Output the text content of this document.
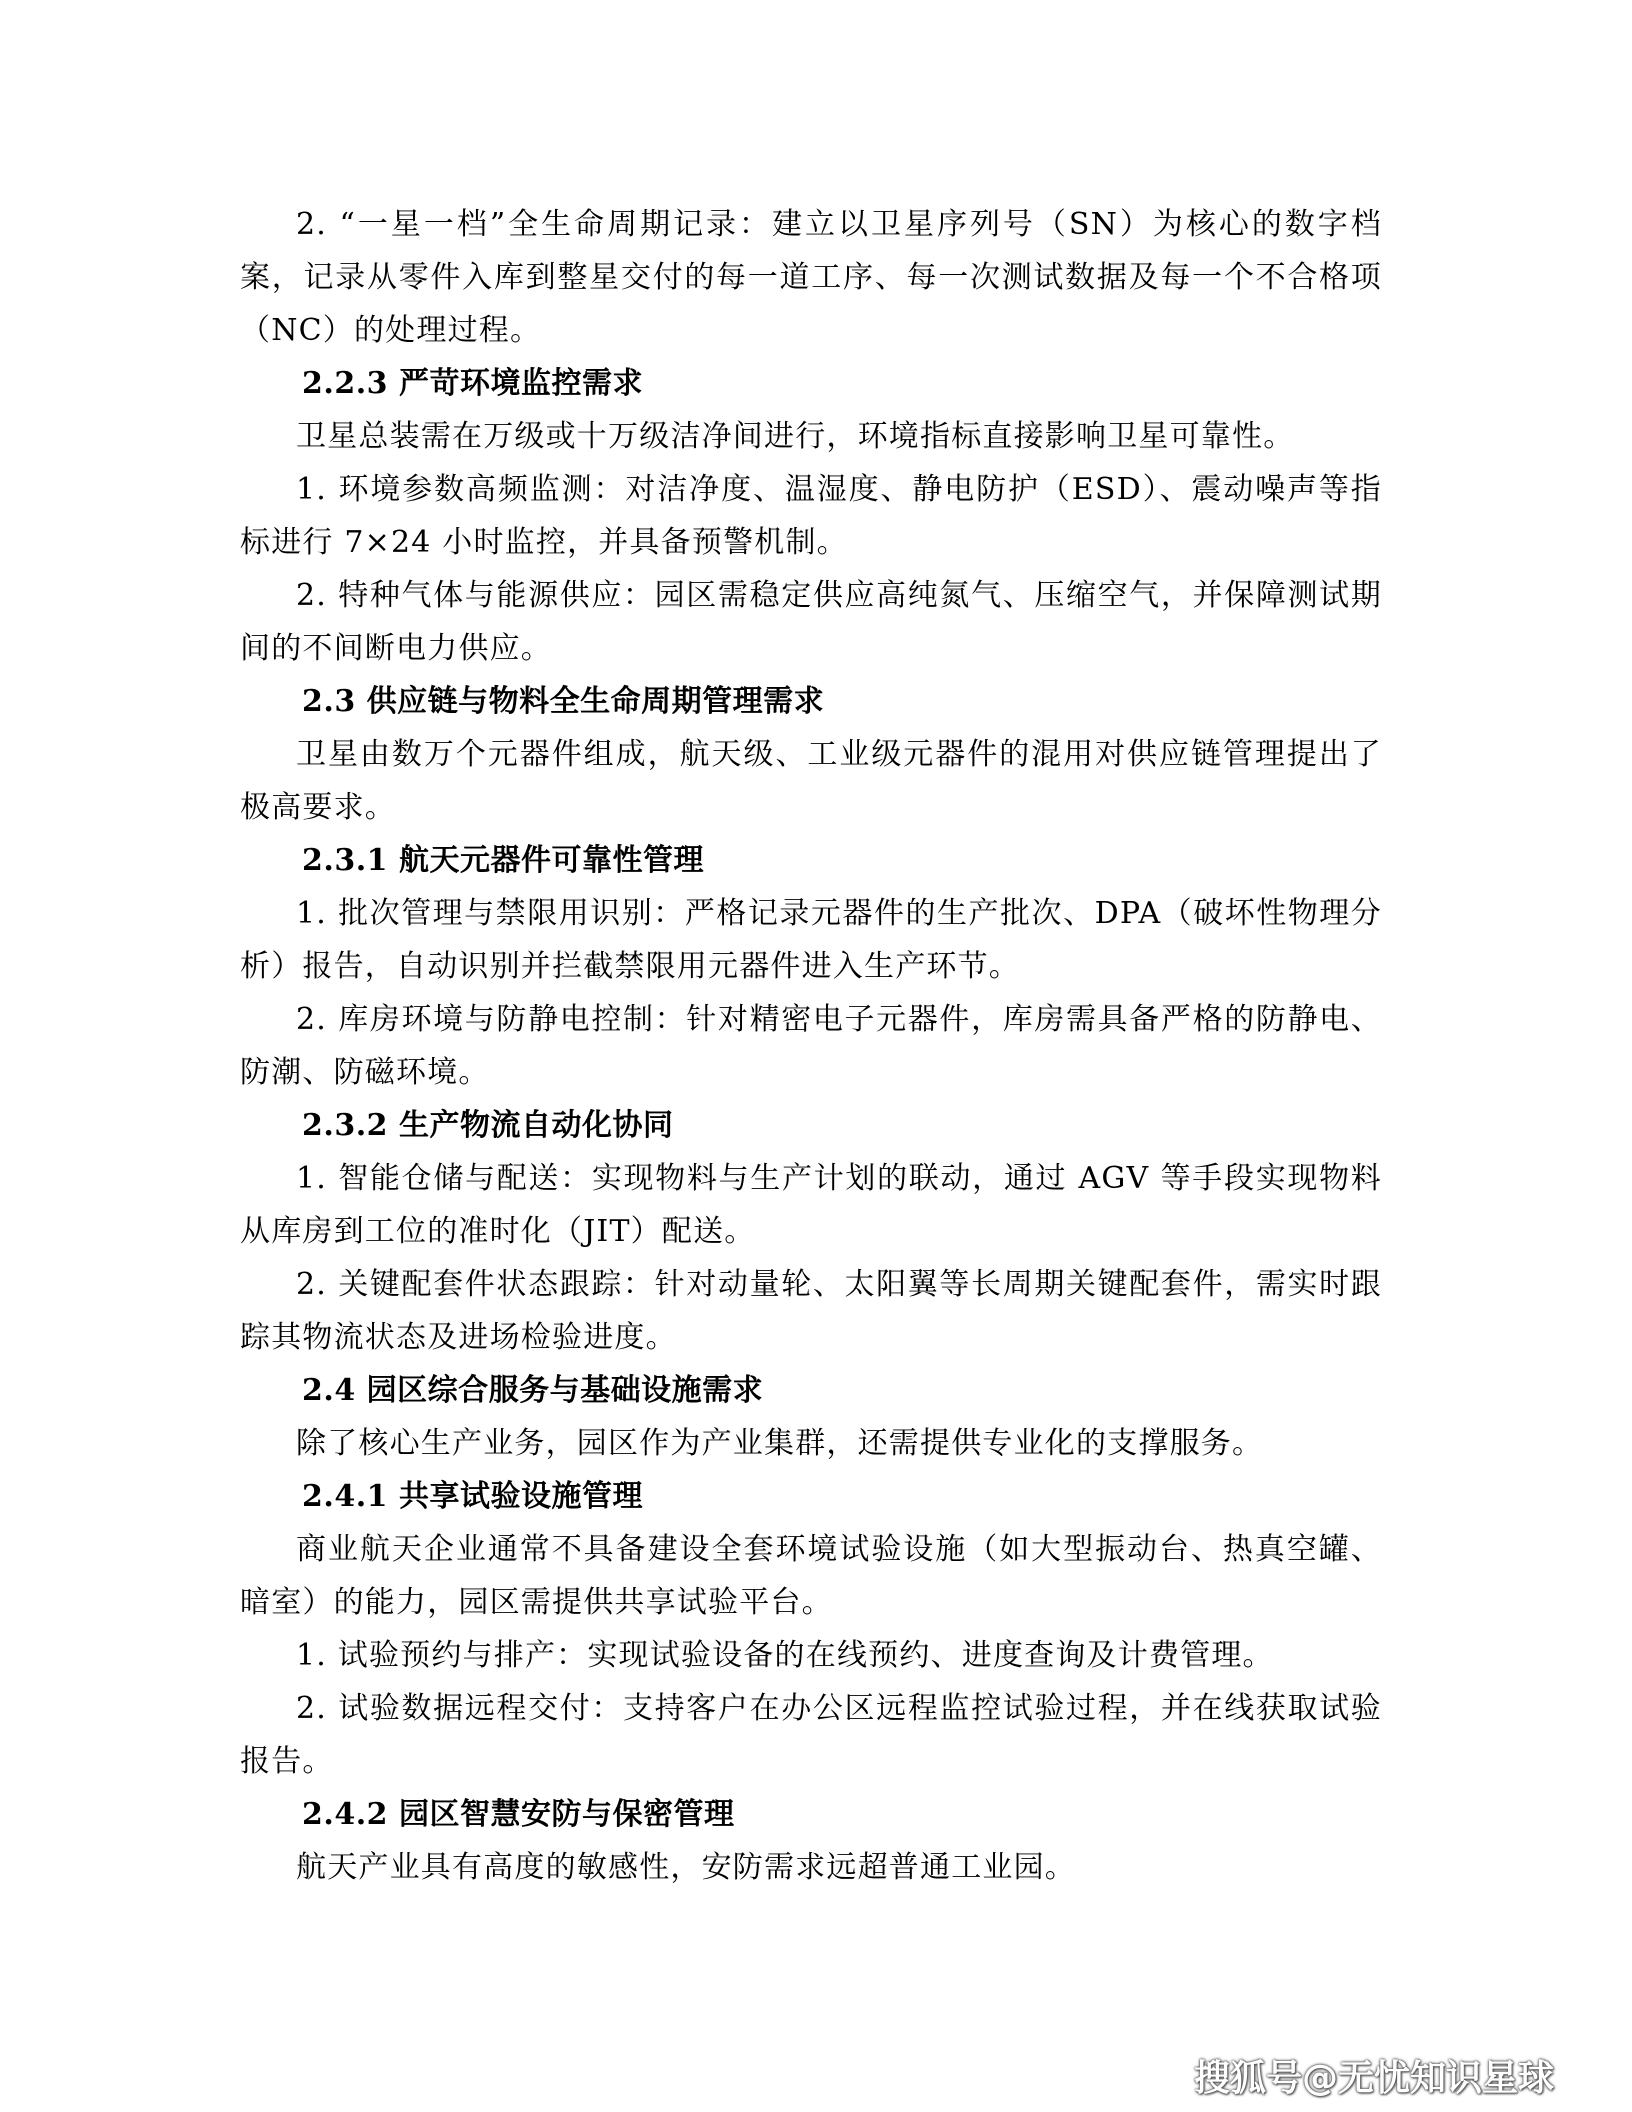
2. “一星一档”全生命周期记录：建立以卫星序列号（SN）为核心的数字档案，记录从零件入库到整星交付的每一道工序、每一次测试数据及每一个不合格项（NC）的处理过程。

2.2.3 严苛环境监控需求

卫星总装需在万级或十万级洁净间进行，环境指标直接影响卫星可靠性。

1. 环境参数高频监测：对洁净度、温湿度、静电防护（ESD）、震动噪声等指标进行 7×24 小时监控，并具备预警机制。

2. 特种气体与能源供应：园区需稳定供应高纯氮气、压缩空气，并保障测试期间的不间断电力供应。

2.3 供应链与物料全生命周期管理需求

卫星由数万个元器件组成，航天级、工业级元器件的混用对供应链管理提出了极高要求。

2.3.1 航天元器件可靠性管理

1. 批次管理与禁限用识别：严格记录元器件的生产批次、DPA（破坏性物理分析）报告，自动识别并拦截禁限用元器件进入生产环节。

2. 库房环境与防静电控制：针对精密电子元器件，库房需具备严格的防静电、防潮、防磁环境。

2.3.2 生产物流自动化协同

1. 智能仓储与配送：实现物料与生产计划的联动，通过 AGV 等手段实现物料从库房到工位的准时化（JIT）配送。

2. 关键配套件状态跟踪：针对动量轮、太阳翼等长周期关键配套件，需实时跟踪其物流状态及进场检验进度。

2.4 园区综合服务与基础设施需求

除了核心生产业务，园区作为产业集群，还需提供专业化的支撑服务。

2.4.1 共享试验设施管理

商业航天企业通常不具备建设全套环境试验设施（如大型振动台、热真空罐、暗室）的能力，园区需提供共享试验平台。

1. 试验预约与排产：实现试验设备的在线预约、进度查询及计费管理。

2. 试验数据远程交付：支持客户在办公区远程监控试验过程，并在线获取试验报告。

2.4.2 园区智慧安防与保密管理

航天产业具有高度的敏感性，安防需求远超普通工业园。

搜狐号@无忧知识星球
